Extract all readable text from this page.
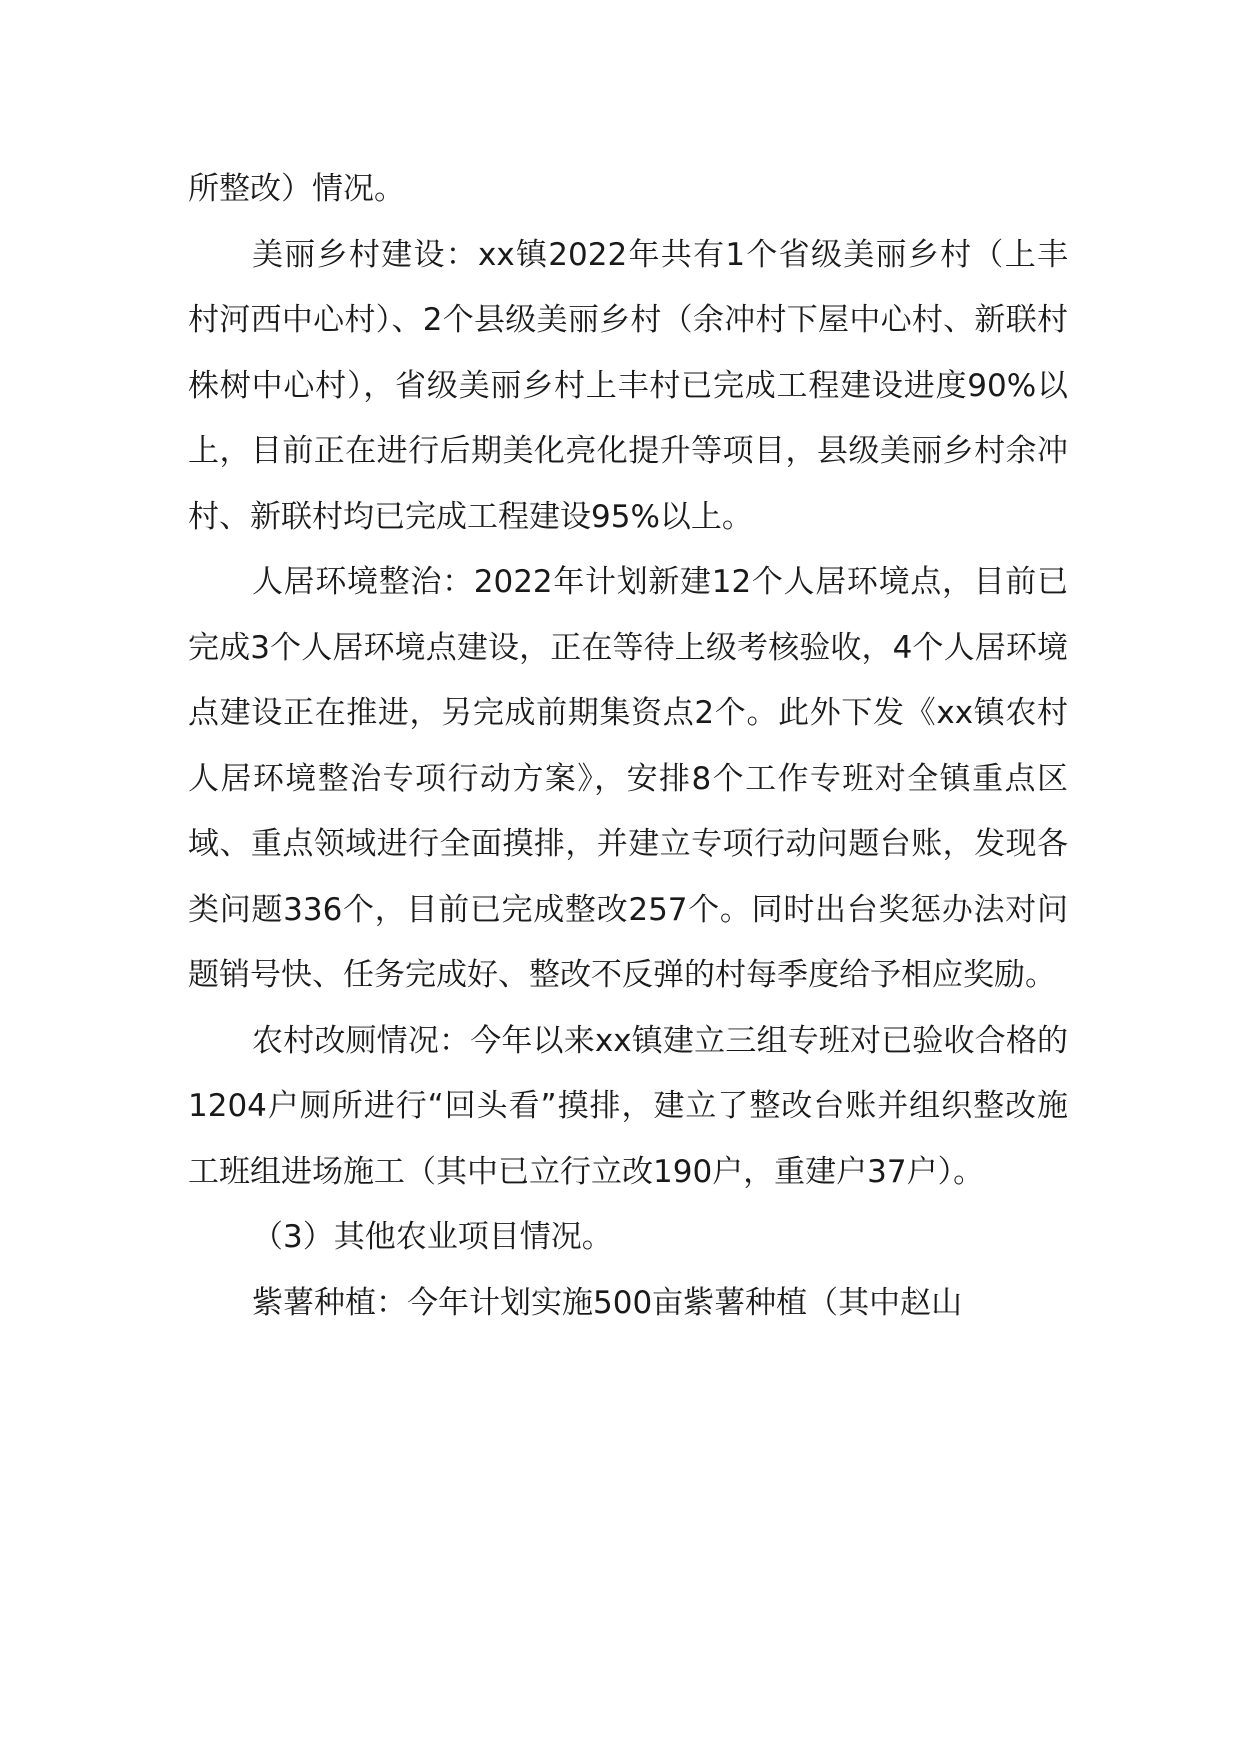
所整改）情况。

美丽乡村建设：xx镇2022年共有1个省级美丽乡村（上丰村河西中心村）、2个县级美丽乡村（余冲村下屋中心村、新联村株树中心村），省级美丽乡村上丰村已完成工程建设进度90%以上，目前正在进行后期美化亮化提升等项目，县级美丽乡村余冲村、新联村均已完成工程建设95%以上。

人居环境整治：2022年计划新建12个人居环境点，目前已完成3个人居环境点建设，正在等待上级考核验收，4个人居环境点建设正在推进，另完成前期集资点2个。此外下发《xx镇农村人居环境整治专项行动方案》，安排8个工作专班对全镇重点区域、重点领域进行全面摸排，并建立专项行动问题台账，发现各类问题336个，目前已完成整改257个。同时出台奖惩办法对问题销号快、任务完成好、整改不反弹的村每季度给予相应奖励。

农村改厕情况：今年以来xx镇建立三组专班对已验收合格的1204户厕所进行“回头看”摸排，建立了整改台账并组织整改施工班组进场施工（其中已立行立改190户，重建户37户）。

（3）其他农业项目情况。

紫薯种植：今年计划实施500亩紫薯种植（其中赵山
